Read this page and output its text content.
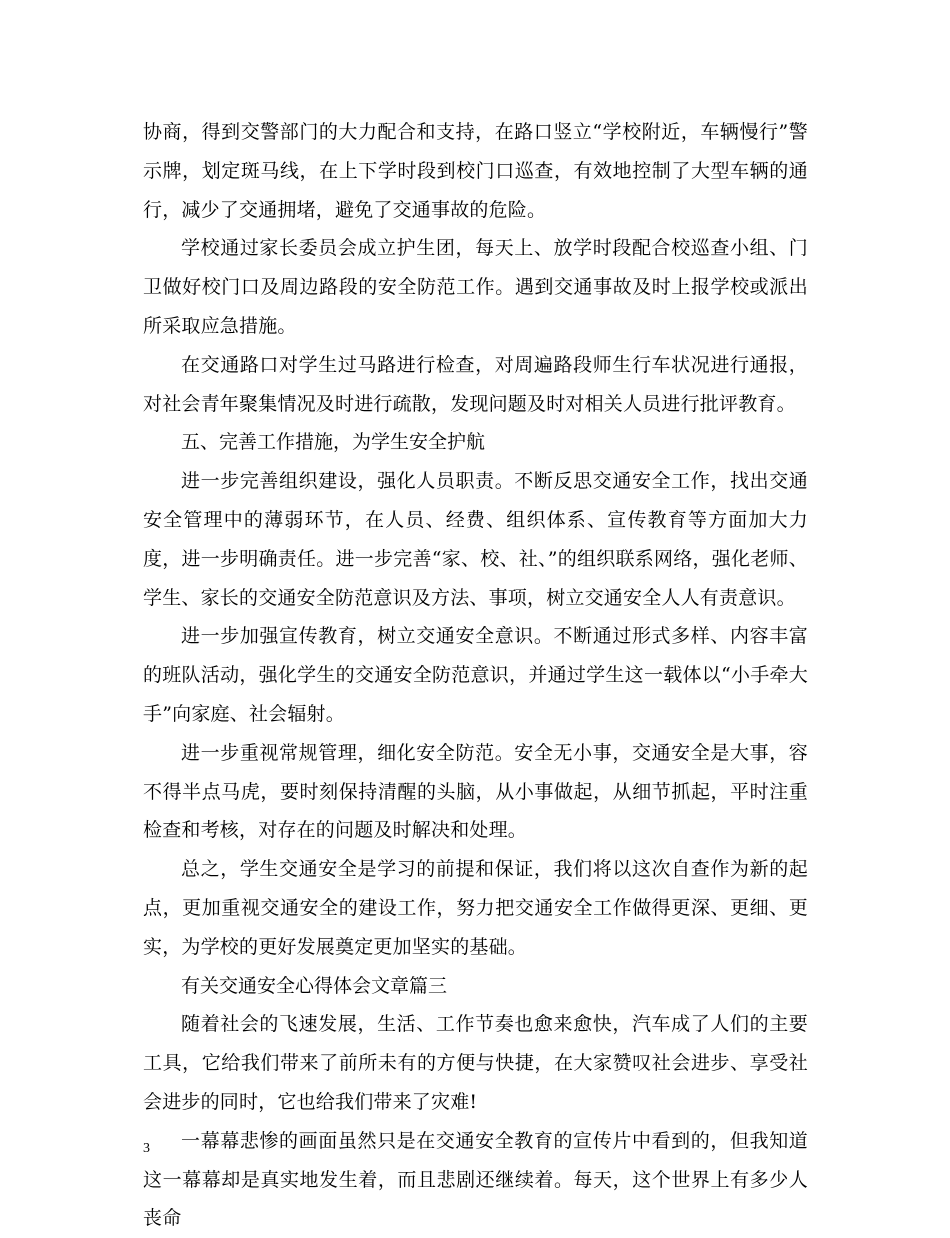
协商，得到交警部门的大力配合和支持，在路口竖立“学校附近，车辆慢行”警示牌，划定斑马线，在上下学时段到校门口巡查，有效地控制了大型车辆的通行，减少了交通拥堵，避免了交通事故的危险。

学校通过家长委员会成立护生团，每天上、放学时段配合校巡查小组、门卫做好校门口及周边路段的安全防范工作。遇到交通事故及时上报学校或派出所采取应急措施。

在交通路口对学生过马路进行检查，对周遍路段师生行车状况进行通报，对社会青年聚集情况及时进行疏散，发现问题及时对相关人员进行批评教育。

五、完善工作措施，为学生安全护航

进一步完善组织建设，强化人员职责。不断反思交通安全工作，找出交通安全管理中的薄弱环节，在人员、经费、组织体系、宣传教育等方面加大力度，进一步明确责任。进一步完善“家、校、社、”的组织联系网络，强化老师、学生、家长的交通安全防范意识及方法、事项，树立交通安全人人有责意识。

进一步加强宣传教育，树立交通安全意识。不断通过形式多样、内容丰富的班队活动，强化学生的交通安全防范意识，并通过学生这一载体以“小手牵大手”向家庭、社会辐射。

进一步重视常规管理，细化安全防范。安全无小事，交通安全是大事，容不得半点马虎，要时刻保持清醒的头脑，从小事做起，从细节抓起，平时注重检查和考核，对存在的问题及时解决和处理。

总之，学生交通安全是学习的前提和保证，我们将以这次自查作为新的起点，更加重视交通安全的建设工作，努力把交通安全工作做得更深、更细、更实，为学校的更好发展奠定更加坚实的基础。

有关交通安全心得体会文章篇三

随着社会的飞速发展，生活、工作节奏也愈来愈快，汽车成了人们的主要工具，它给我们带来了前所未有的方便与快捷，在大家赞叹社会进步、享受社会进步的同时，它也给我们带来了灾难!

一幕幕悲惨的画面虽然只是在交通安全教育的宣传片中看到的，但我知道这一幕幕却是真实地发生着，而且悲剧还继续着。每天，这个世界上有多少人丧命

3
